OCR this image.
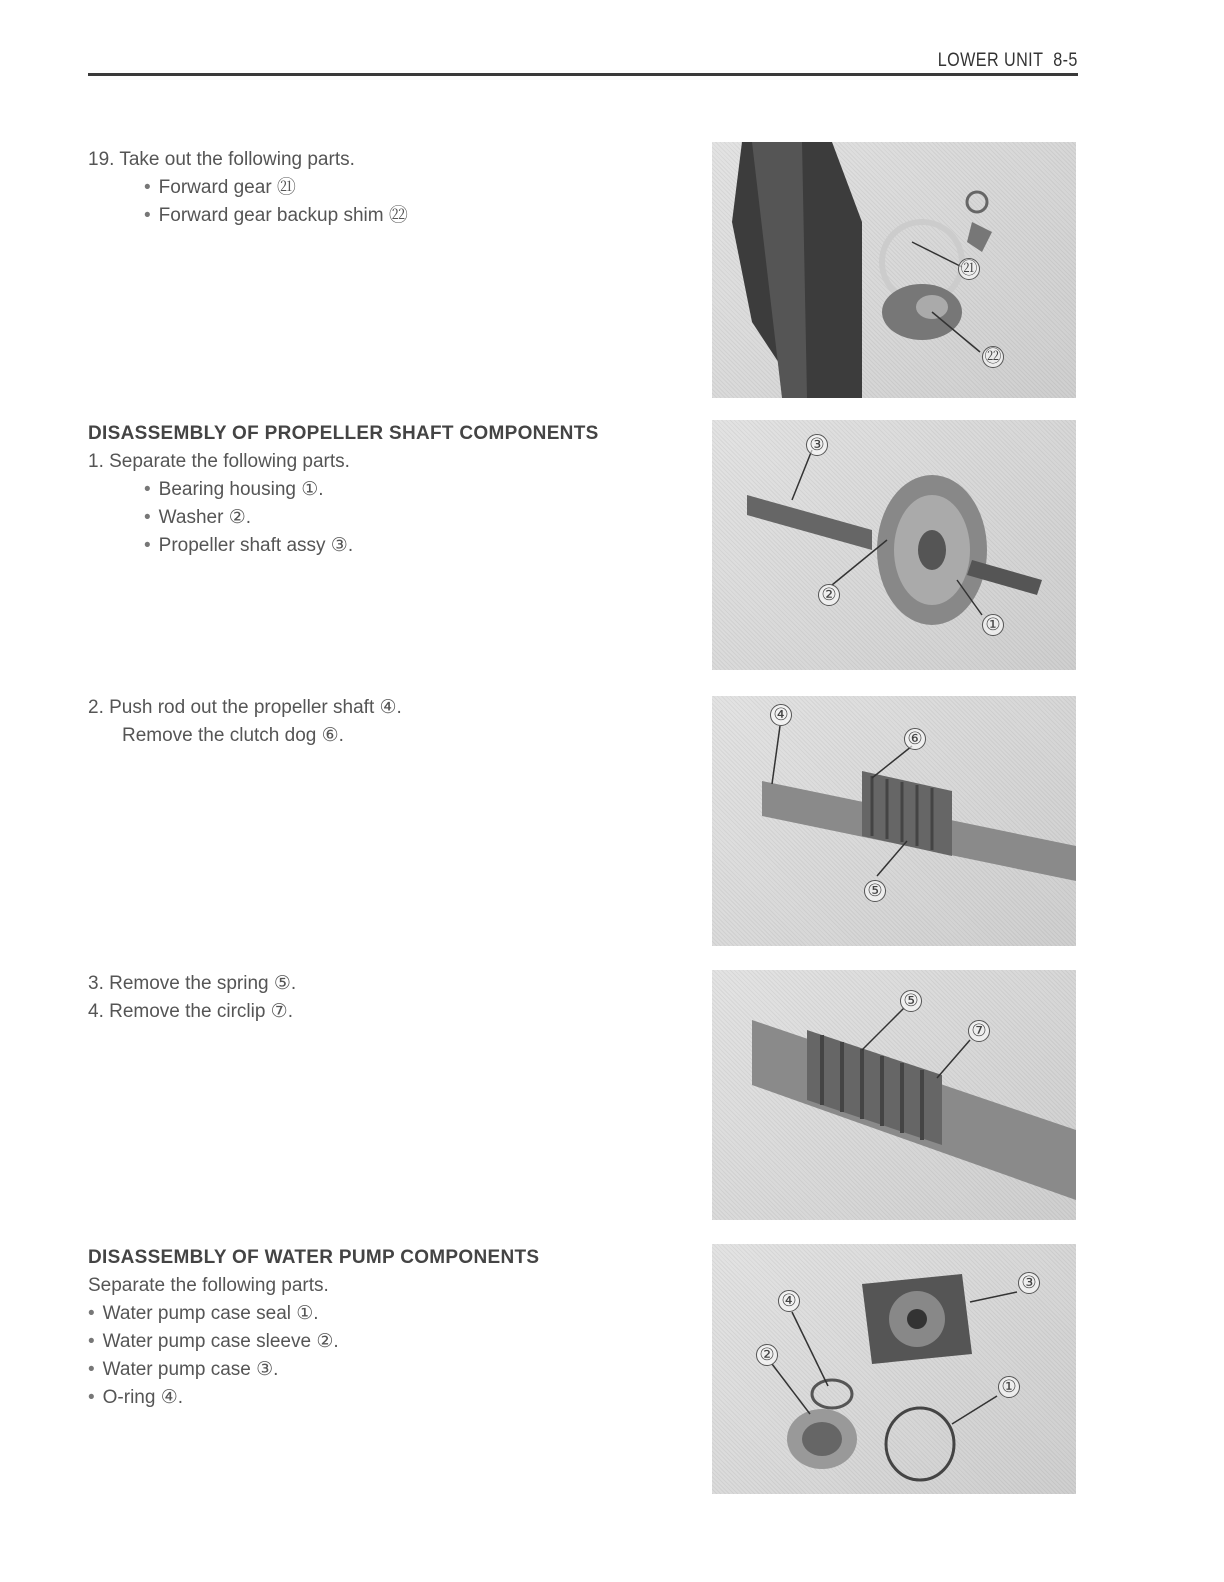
LOWER UNIT 8-5
19. Take out the following parts.
• Forward gear ㉑
• Forward gear backup shim ㉒
DISASSEMBLY OF PROPELLER SHAFT COMPONENTS
1. Separate the following parts.
• Bearing housing ①.
• Washer ②.
• Propeller shaft assy ③.
2. Push rod out the propeller shaft ④.
Remove the clutch dog ⑥.
3. Remove the spring ⑤.
4. Remove the circlip ⑦.
DISASSEMBLY OF WATER PUMP COMPONENTS
Separate the following parts.
• Water pump case seal ①.
• Water pump case sleeve ②.
• Water pump case ③.
• O-ring ④.
㉑
㉒
③
②
①
④
⑥
⑤
⑤
⑦
④
②
③
①
